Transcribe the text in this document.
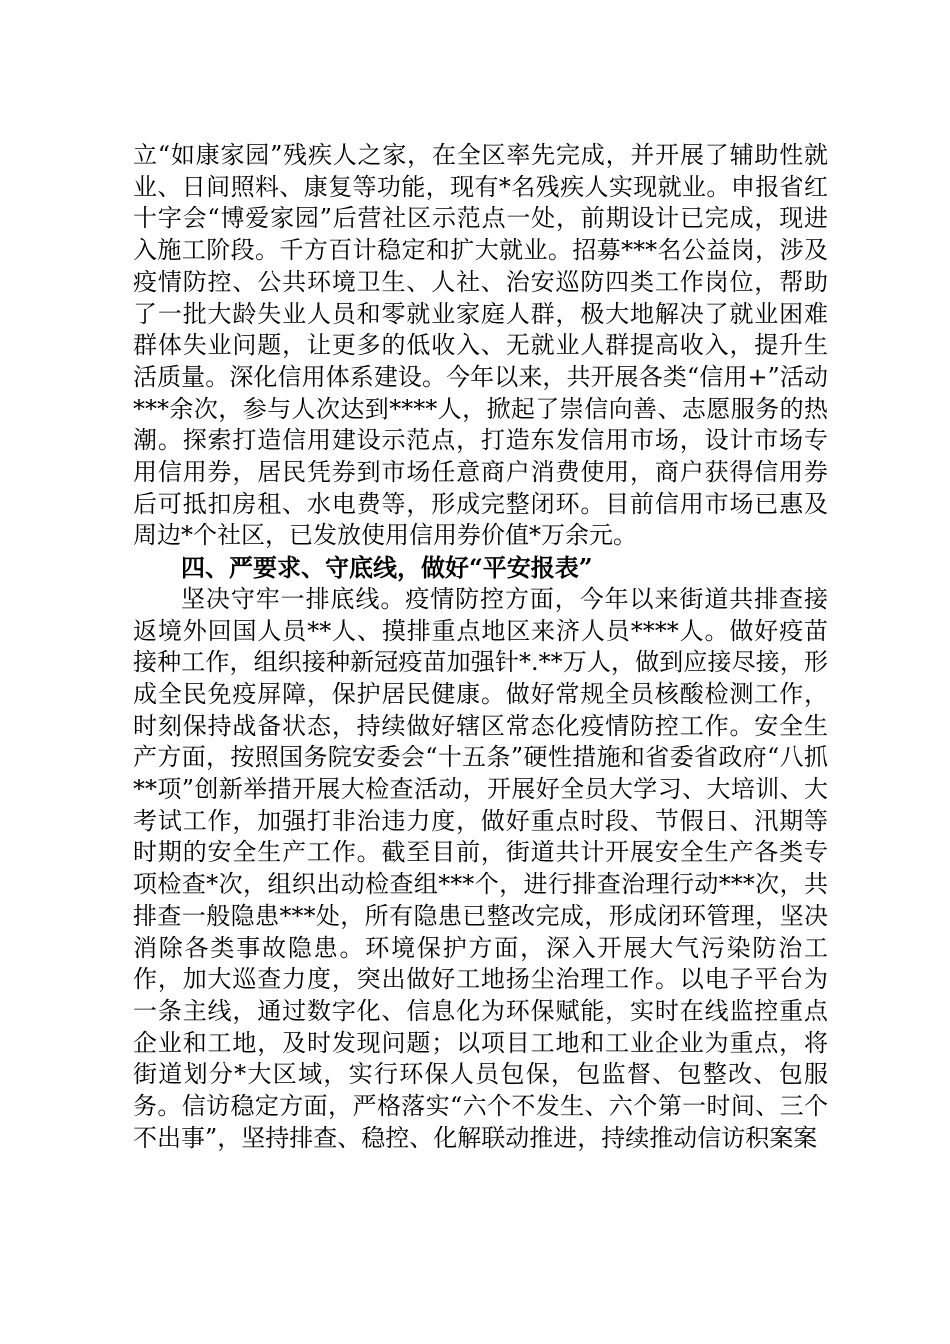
立“如康家园”残疾人之家，在全区率先完成，并开展了辅助性就业、日间照料、康复等功能，现有*名残疾人实现就业。申报省红十字会“博爱家园”后营社区示范点一处，前期设计已完成，现进入施工阶段。千方百计稳定和扩大就业。招募***名公益岗，涉及疫情防控、公共环境卫生、人社、治安巡防四类工作岗位，帮助了一批大龄失业人员和零就业家庭人群，极大地解决了就业困难群体失业问题，让更多的低收入、无就业人群提高收入，提升生活质量。深化信用体系建设。今年以来，共开展各类“信用+”活动***余次，参与人次达到****人，掀起了崇信向善、志愿服务的热潮。探索打造信用建设示范点，打造东发信用市场，设计市场专用信用券，居民凭券到市场任意商户消费使用，商户获得信用券后可抵扣房租、水电费等，形成完整闭环。目前信用市场已惠及周边*个社区，已发放使用信用券价值*万余元。

四、严要求、守底线，做好“平安报表”

坚决守牢一排底线。疫情防控方面，今年以来街道共排查接返境外回国人员**人、摸排重点地区来济人员****人。做好疫苗接种工作，组织接种新冠疫苗加强针*.**万人，做到应接尽接，形成全民免疫屏障，保护居民健康。做好常规全员核酸检测工作，时刻保持战备状态，持续做好辖区常态化疫情防控工作。安全生产方面，按照国务院安委会“十五条”硬性措施和省委省政府“八抓**项”创新举措开展大检查活动，开展好全员大学习、大培训、大考试工作，加强打非治违力度，做好重点时段、节假日、汛期等时期的安全生产工作。截至目前，街道共计开展安全生产各类专项检查*次，组织出动检查组***个，进行排查治理行动***次，共排查一般隐患***处，所有隐患已整改完成，形成闭环管理，坚决消除各类事故隐患。环境保护方面，深入开展大气污染防治工作，加大巡查力度，突出做好工地扬尘治理工作。以电子平台为一条主线，通过数字化、信息化为环保赋能，实时在线监控重点企业和工地，及时发现问题；以项目工地和工业企业为重点，将街道划分*大区域，实行环保人员包保，包监督、包整改、包服务。信访稳定方面，严格落实“六个不发生、六个第一时间、三个不出事”，坚持排查、稳控、化解联动推进，持续推动信访积案案
